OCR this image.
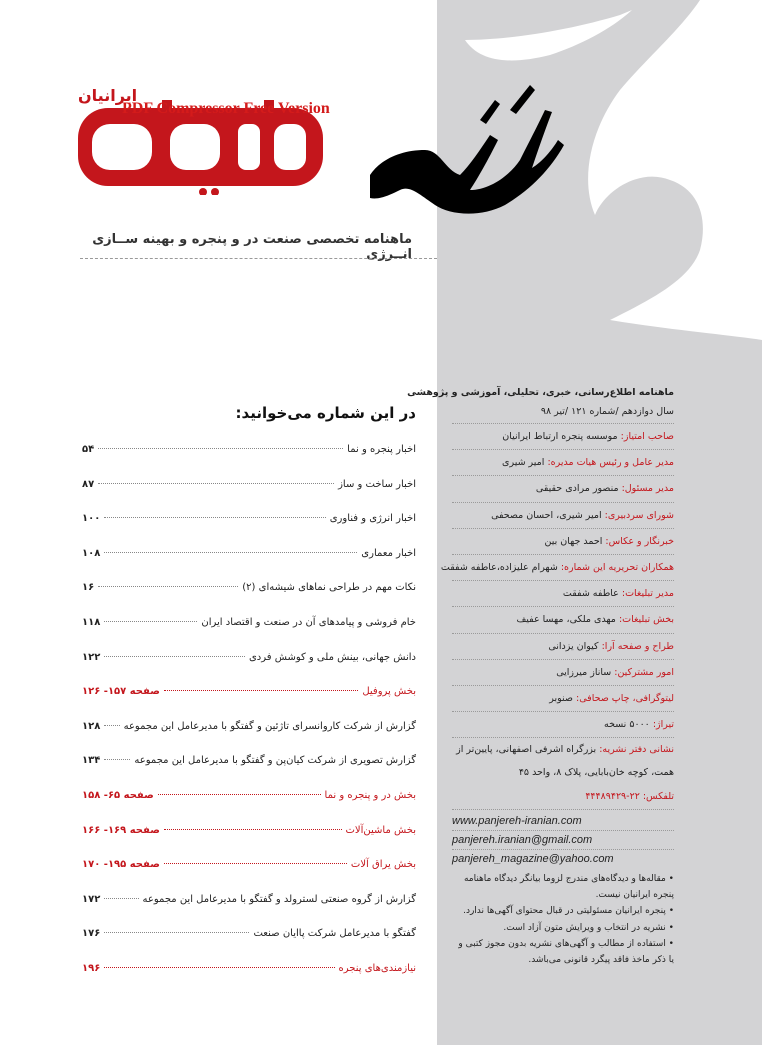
ایرانیان
PDF Compressor Free Version
ماهنامه تخصصی صنعت در و پنجره و بهینه ســازی انــرژی
در این شماره می‌خوانید:
اخبار پنجره و نما
۵۴
اخبار ساخت و ساز
۸۷
اخبار انرژی و فناوری
۱۰۰
اخبار معماری
۱۰۸
نکات مهم در طراحی نماهای شیشه‌ای (۲)
۱۶
خام فروشی و پیامدهای آن در صنعت و اقتصاد ایران
۱۱۸
دانش جهانی، بینش ملی و کوشش فردی
۱۲۲
بخش پروفیل
صفحه ۱۵۷- ۱۲۶
گزارش از شرکت کاروانسرای تاژئین و گفتگو با مدیرعامل این مجموعه
۱۲۸
گزارش تصویری از شرکت کیان‌پن و گفتگو با مدیرعامل این مجموعه
۱۳۴
بخش در و پنجره و نما
صفحه ۶۵- ۱۵۸
بخش ماشین‌آلات
صفحه ۱۶۹- ۱۶۶
بخش یراق آلات
صفحه ۱۹۵- ۱۷۰
گزارش از گروه صنعتی لسترولد و گفتگو با مدیرعامل این مجموعه
۱۷۲
گفتگو با مدیرعامل شرکت پاایان صنعت
۱۷۶
نیازمندی‌های پنجره
۱۹۶
ماهنامه اطلاع‌رسانی، خبری، تحلیلی، آموزشی و پژوهشی
سال دوازدهم /شماره ۱۲۱ /تیر ۹۸
صاحب امتیاز: موسسه پنجره ارتباط ایرانیان
مدیر عامل و رئیس هیات مدیره: امیر شیری
مدیر مسئول: منصور مرادی حقیقی
شورای سردبیری: امیر شیری، احسان مصحفی
خبرنگار و عکاس: احمد جهان بین
همکاران تحریریه این شماره: شهرام علیزاده،عاطفه شفقت
مدیر تبلیغات: عاطفه شفقت
بخش تبلیغات: مهدی ملکی، مهسا عفیف
طراح و صفحه آرا: کیوان یزدانی
امور مشترکین: ساناز میرزایی
لیتوگرافی، چاپ صحافی: صنوبر
تیراژ: ۵۰۰۰ نسخه
نشانی دفتر نشریه: بزرگراه اشرفی اصفهانی، پایین‌تر از همت، کوچه خان‌بابایی، پلاک ۸، واحد ۴۵
تلفکس: ۲۲-۴۴۴۸۹۴۲۹
www.panjereh-iranian.com
panjereh.iranian@gmail.com
panjereh_magazine@yahoo.com

• مقاله‌ها و دیدگاه‌های مندرج لزوما بیانگر دیدگاه ماهنامه پنجره ایرانیان نیست.

• پنجره ایرانیان مسئولیتی در قبال محتوای آگهی‌ها ندارد.

• نشریه در انتخاب و ویرایش متون آزاد است.

• استفاده از مطالب و آگهی‌های نشریه بدون مجوز کتبی و یا ذکر ماخذ فاقد پیگرد قانونی می‌باشد.
